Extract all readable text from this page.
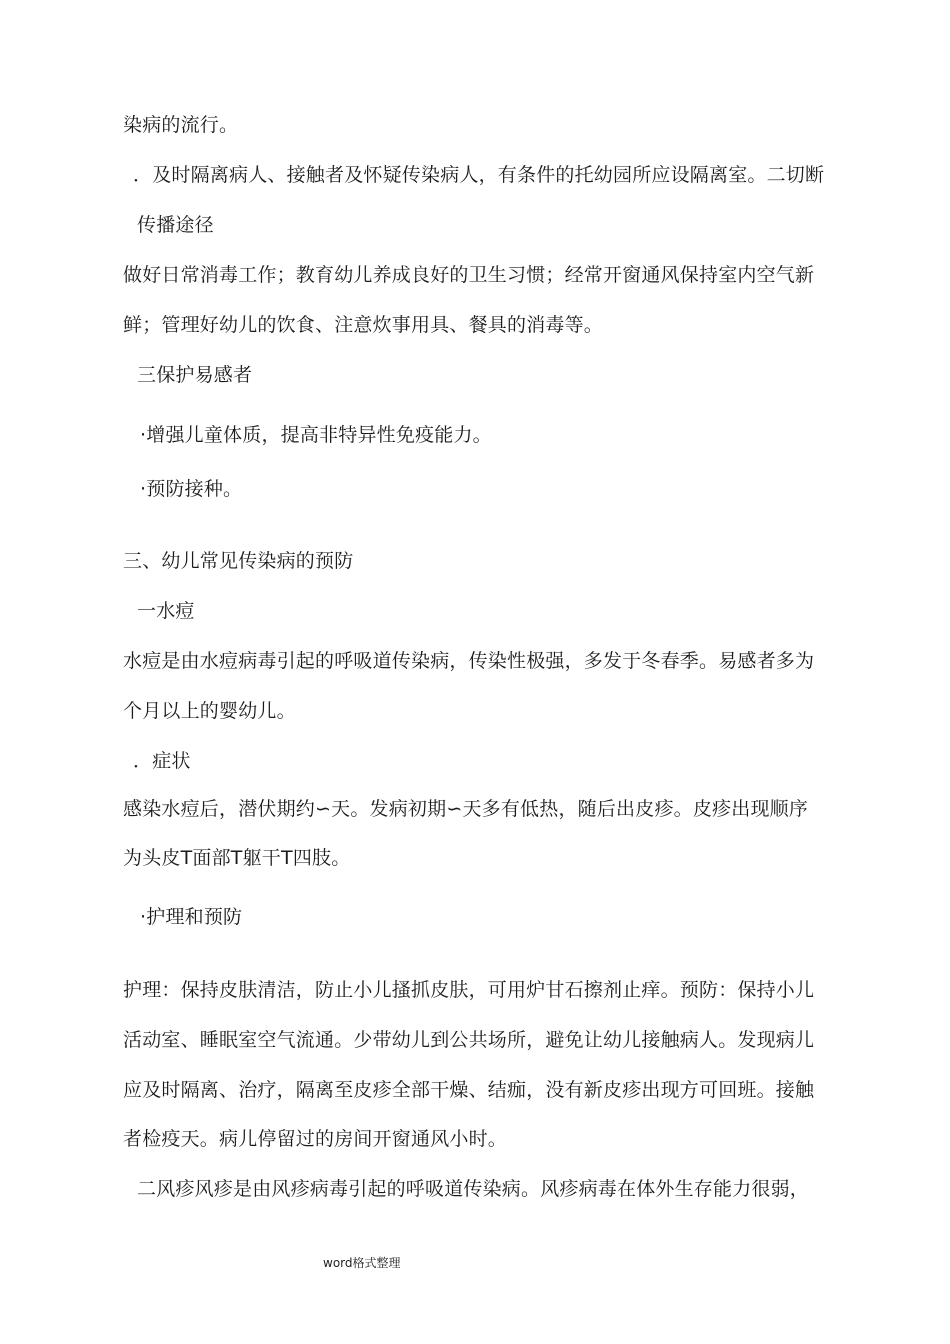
染病的流行。
．及时隔离病人、接触者及怀疑传染病人，有条件的托幼园所应设隔离室。二切断
传播途径
做好日常消毒工作；教育幼儿养成良好的卫生习惯；经常开窗通风保持室内空气新
鲜；管理好幼儿的饮食、注意炊事用具、餐具的消毒等。
三保护易感者
·增强儿童体质，提高非特异性免疫能力。
·预防接种。
三、幼儿常见传染病的预防
一水痘
水痘是由水痘病毒引起的呼吸道传染病，传染性极强，多发于冬春季。易感者多为
个月以上的婴幼儿。
．症状
感染水痘后，潜伏期约∽天。发病初期∽天多有低热，随后出皮疹。皮疹出现顺序
为头皮T面部T躯干T四肢。
·护理和预防
护理：保持皮肤清洁，防止小儿搔抓皮肤，可用炉甘石擦剂止痒。预防：保持小儿
活动室、睡眠室空气流通。少带幼儿到公共场所，避免让幼儿接触病人。发现病儿
应及时隔离、治疗，隔离至皮疹全部干燥、结痂，没有新皮疹出现方可回班。接触
者检疫天。病儿停留过的房间开窗通风小时。
二风疹风疹是由风疹病毒引起的呼吸道传染病。风疹病毒在体外生存能力很弱，
word格式整理
